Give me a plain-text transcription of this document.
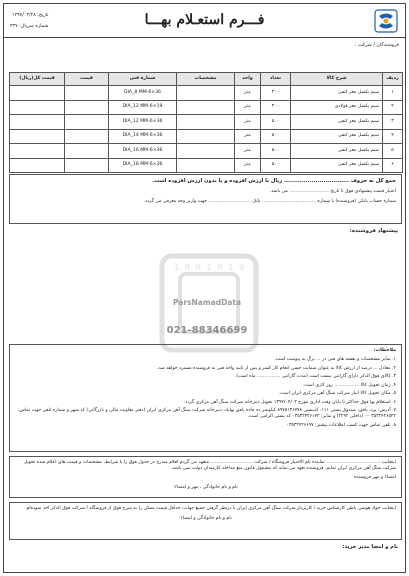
فـــرم استعـلام بهـــا
تاریخ: ۱۳۹۷/۰۳/۲۸
شماره سریال: ۳۴۷
فروشندگان / شرکت :
ردیف	شرح کالا	تعداد	واحد	مشخصات	شماره فنی	قیمت	قیمت کل(ریال)
۱	سیم بکسل مغز کنفی	۳۰۰	متر		DIA_8 MM-6×36		
۲	سیم بکسل مغز فولادی	۳۰۰	متر		DIA_12 MM-6×19		
۳	سیم بکسل مغز کنفی	۵۰۰	متر		DIA_12 MM-6×36		
۴	سیم بکسل مغز کنفی	۵۰۰	متر		DIA_14 MM-6×36		
۵	سیم بکسل مغز کنفی	۵۰۰	متر		DIA_16 MM-6×36		
۶	سیم بکسل مغز کنفی	۵۰۰	متر		DIA_18 MM-6×36		
جمع کل به حروف ................................. ریال با ارزش افزوده و یا بدون ارزش افزوده است.
اعتبار قیمت پیشنهادی فوق تا تاریخ ........................... می باشد.
شماره حساب بانکی (فروشنده) با شماره ..................................... بانک ............................. جهت واریز وجه معرفی می گردد.
پیشنهاد فروشنده:
0 1 0 1 0 0 1
ParsNamadData
021-88346699
ملاحظات:

۱. سایر مشخصات و نقشه های فنی در ... برگ به پیوست است.

۲. معادل ... درصد از ارزش کالا به عنوان ضمانت حسن انجام کار کسر و پس از تایید واحد فنی به فروشنده مسترد خواهد شد.

۳. کالای فوق الذکر دارای گارانتی نیست است (مدت گارانتی ................ ماه است).

۴. زمان تحویل کالا ................. روز کاری است.

۵. مکان تحویل کالا انبار شرکت سنگ آهن مرکزی ایران است.

۶. استعلام بها فوق حداکثر تا پایان وقت اداری مورخ ۱۳۹۷/۰۴/۰۲ تحویل دبیرخانه شرکت سنگ آهن مرکزی گردد.

۷. آدرس: یزد، بافق، صندوق پستی ۱۱۱، کدپستی ۸۹۷۵۱۳۶۷۷۸ کیلومتر ده جاده بافق بهاباد، دبیرخانه شرکت سنگ آهن مرکزی ایران (دفتر معاونت مالی و بازرگانی) کد شهر و شماره تلفن جهت تماس: ۰۳۵۳۲۴۲۶۵۲۲-۰ (داخلی ۲۲۹۲) و نمابر: ۰۳۵۳۲۴۲۶۱۷۲ کد پستی الزامی است.

۸. تلفن تماس جهت کسب اطلاعات بیشتر: ۰۳۵۳۲۴۲۶۶۹۷

اینجانب ..................................... نماینده تام الاختیار فروشگاه / شرکت ............................. متعهد می گردم اقلام مندرج در جدول فوق را با شرایط، مشخصات و قیمت های اعلام شده تحویل شرکت سنگ آهن مرکزی ایران نمایم. فروشنده تعهد می نماید که مشمول قانون منع مداخله کارمندان دولت نمی باشد.

امضاء و مهر فروشنده

نام و نام خانوادگی ، مهر و امضاء:

اینجانب جواد هوشی باطن کارشناس خرید / کارپرداز شرکت سنگ آهن مرکزی ایران با درنظر گرفتن جمیع جهات، حداقل قیمت ممکن را به شرح فوق از فروشگاه / شرکت فوق الذکر اخذ نموده‌ام.

نام و نام خانوادگی و امضاء:
نام و امضا مدیر خرید:
